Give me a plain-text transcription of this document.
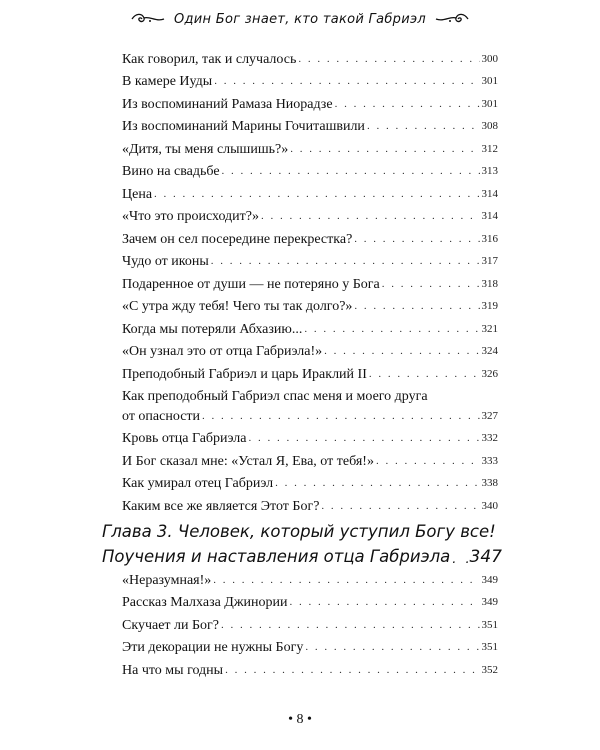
Один Бог знает, кто такой Габриэл
Как говорил, так и случалось . . .	300
В камере Иуды . . .	301
Из воспоминаний Рамаза Ниорадзе . . .	301
Из воспоминаний Марины Гочиташвили . . .	308
«Дитя, ты меня слышишь?» . . .	312
Вино на свадьбе . . .	313
Цена . . .	314
«Что это происходит?» . . .	314
Зачем он сел посередине перекрестка? . . .	316
Чудо от иконы . . .	317
Подаренное от души — не потеряно у Бога . . .	318
«С утра жду тебя! Чего ты так долго?» . . .	319
Когда мы потеряли Абхазию... . . .	321
«Он узнал это от отца Габриэла!» . . .	324
Преподобный Габриэл и царь Ираклий II . . .	326
Как преподобный Габриэл спас меня и моего друга
от опасности . . .	327
Кровь отца Габриэла . . .	332
И Бог сказал мне: «Устал Я, Ева, от тебя!» . . .	333
Как умирал отец Габриэл . . .	338
Каким все же является Этот Бог? . . .	340
Глава 3. Человек, который уступил Богу все!
Поучения и наставления отца Габриэла . . . 347
«Неразумная!» . . .	349
Рассказ Малхаза Джинории . . .	349
Скучает ли Бог? . . .	351
Эти декорации не нужны Богу . . .	351
На что мы годны . . .	352
• 8 •
